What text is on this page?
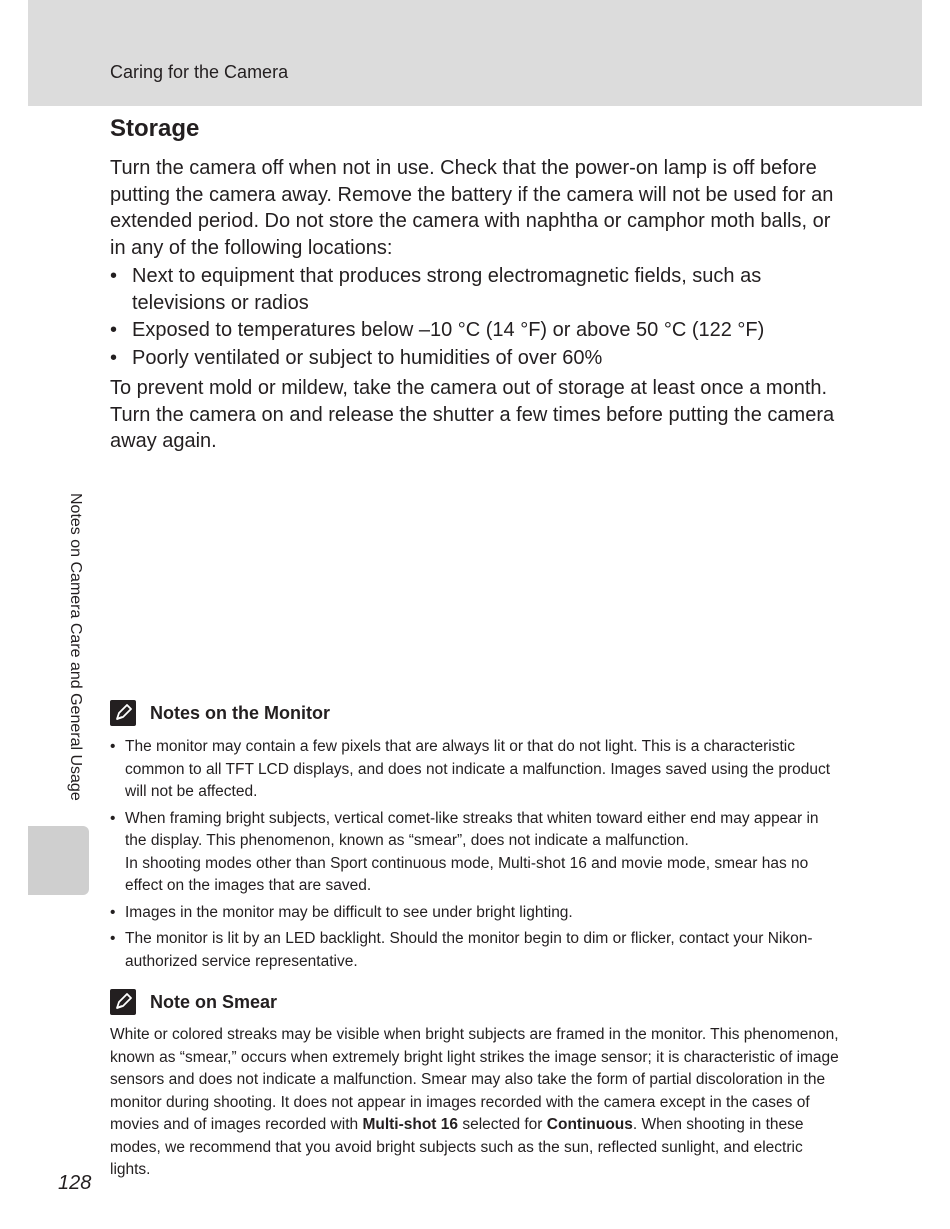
Caring for the Camera
Notes on Camera Care and General Usage
Storage

Turn the camera off when not in use. Check that the power-on lamp is off before putting the camera away. Remove the battery if the camera will not be used for an extended period. Do not store the camera with naphtha or camphor moth balls, or in any of the following locations:

• Next to equipment that produces strong electromagnetic fields, such as televisions or radios
• Exposed to temperatures below –10 °C (14 °F) or above 50 °C (122 °F)
• Poorly ventilated or subject to humidities of over 60%

To prevent mold or mildew, take the camera out of storage at least once a month. Turn the camera on and release the shutter a few times before putting the camera away again.

Notes on the Monitor
• The monitor may contain a few pixels that are always lit or that do not light. This is a characteristic common to all TFT LCD displays, and does not indicate a malfunction. Images saved using the product will not be affected.
• When framing bright subjects, vertical comet-like streaks that whiten toward either end may appear in the display. This phenomenon, known as “smear”, does not indicate a malfunction.
In shooting modes other than Sport continuous mode, Multi-shot 16 and movie mode, smear has no effect on the images that are saved.
• Images in the monitor may be difficult to see under bright lighting.
• The monitor is lit by an LED backlight. Should the monitor begin to dim or flicker, contact your Nikon-authorized service representative.
Note on Smear

White or colored streaks may be visible when bright subjects are framed in the monitor. This phenomenon, known as “smear,” occurs when extremely bright light strikes the image sensor; it is characteristic of image sensors and does not indicate a malfunction. Smear may also take the form of partial discoloration in the monitor during shooting. It does not appear in images recorded with the camera except in the cases of movies and of images recorded with Multi-shot 16 selected for Continuous. When shooting in these modes, we recommend that you avoid bright subjects such as the sun, reflected sunlight, and electric lights.

128
